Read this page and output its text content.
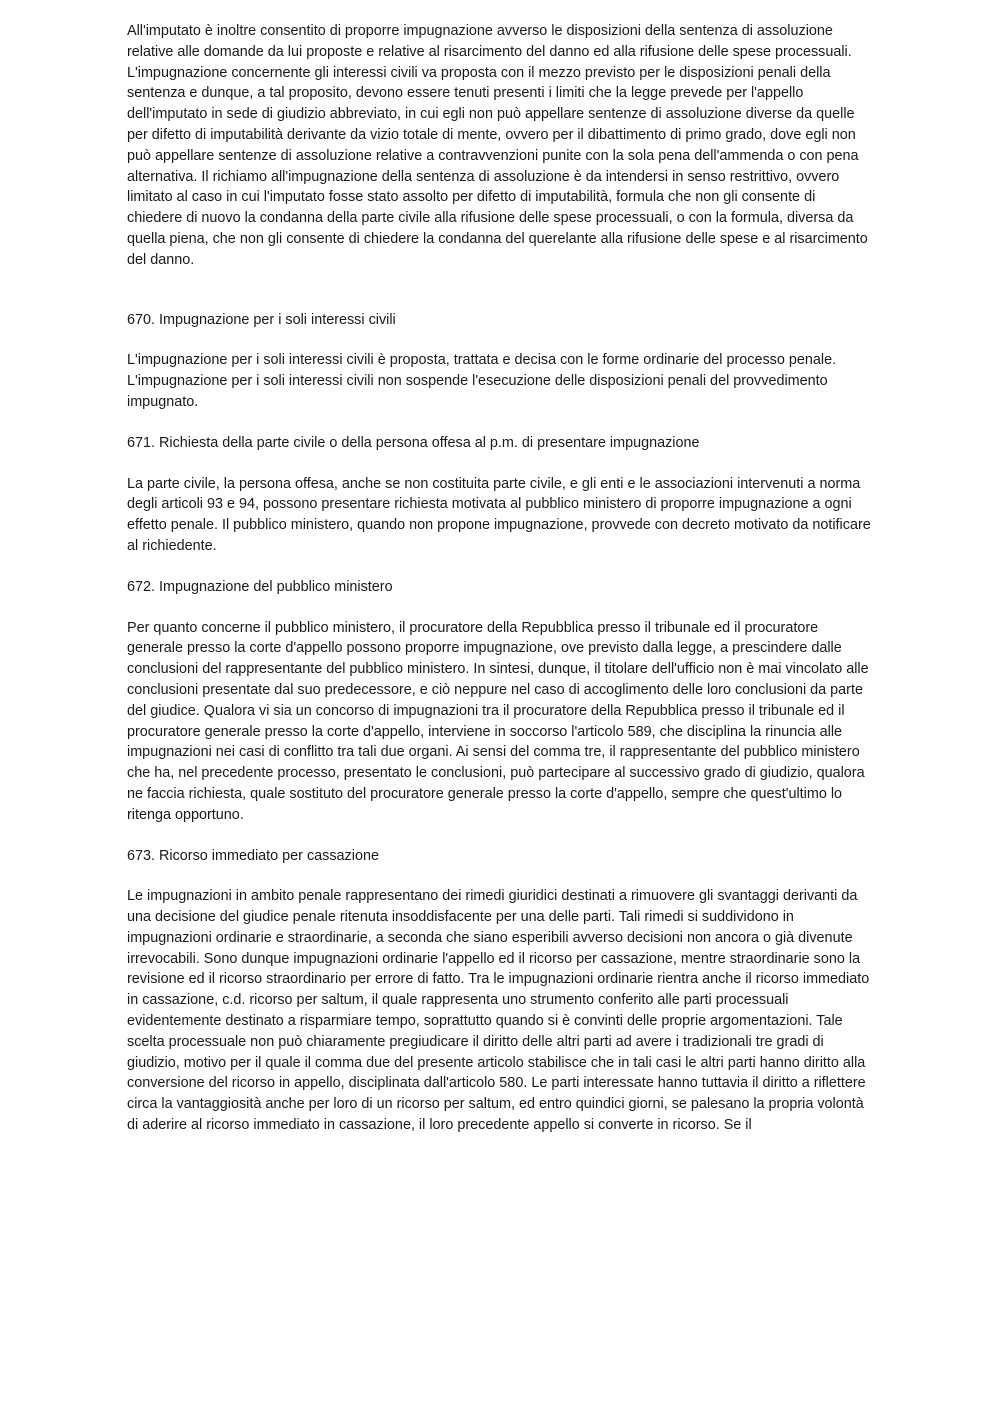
All'imputato è inoltre consentito di proporre impugnazione avverso le disposizioni della sentenza di assoluzione relative alle domande da lui proposte e relative al risarcimento del danno ed alla rifusione delle spese processuali. L'impugnazione concernente gli interessi civili va proposta con il mezzo previsto per le disposizioni penali della sentenza e dunque, a tal proposito, devono essere tenuti presenti i limiti che la legge prevede per l'appello dell'imputato in sede di giudizio abbreviato, in cui egli non può appellare sentenze di assoluzione diverse da quelle per difetto di imputabilità derivante da vizio totale di mente, ovvero per il dibattimento di primo grado, dove egli non può appellare sentenze di assoluzione relative a contravvenzioni punite con la sola pena dell'ammenda o con pena alternativa. Il richiamo all'impugnazione della sentenza di assoluzione è da intendersi in senso restrittivo, ovvero limitato al caso in cui l'imputato fosse stato assolto per difetto di imputabilità, formula che non gli consente di chiedere di nuovo la condanna della parte civile alla rifusione delle spese processuali, o con la formula, diversa da quella piena, che non gli consente di chiedere la condanna del querelante alla rifusione delle spese e al risarcimento del danno.

670. Impugnazione per i soli interessi civili

L'impugnazione per i soli interessi civili è proposta, trattata e decisa con le forme ordinarie del processo penale. L'impugnazione per i soli interessi civili non sospende l'esecuzione delle disposizioni penali del provvedimento impugnato.

671. Richiesta della parte civile o della persona offesa al p.m. di presentare impugnazione

La parte civile, la persona offesa, anche se non costituita parte civile, e gli enti e le associazioni intervenuti a norma degli articoli 93 e 94, possono presentare richiesta motivata al pubblico ministero di proporre impugnazione a ogni effetto penale. Il pubblico ministero, quando non propone impugnazione, provvede con decreto motivato da notificare al richiedente.

672. Impugnazione del pubblico ministero

Per quanto concerne il pubblico ministero, il procuratore della Repubblica presso il tribunale ed il procuratore generale presso la corte d'appello possono proporre impugnazione, ove previsto dalla legge, a prescindere dalle conclusioni del rappresentante del pubblico ministero. In sintesi, dunque, il titolare dell'ufficio non è mai vincolato alle conclusioni presentate dal suo predecessore, e ciò neppure nel caso di accoglimento delle loro conclusioni da parte del giudice. Qualora vi sia un concorso di impugnazioni tra il procuratore della Repubblica presso il tribunale ed il procuratore generale presso la corte d'appello, interviene in soccorso l'articolo 589, che disciplina la rinuncia alle impugnazioni nei casi di conflitto tra tali due organi. Ai sensi del comma tre, il rappresentante del pubblico ministero che ha, nel precedente processo, presentato le conclusioni, può partecipare al successivo grado di giudizio, qualora ne faccia richiesta, quale sostituto del procuratore generale presso la corte d'appello, sempre che quest'ultimo lo ritenga opportuno.

673. Ricorso immediato per cassazione

Le impugnazioni in ambito penale rappresentano dei rimedi giuridici destinati a rimuovere gli svantaggi derivanti da una decisione del giudice penale ritenuta insoddisfacente per una delle parti. Tali rimedi si suddividono in impugnazioni ordinarie e straordinarie, a seconda che siano esperibili avverso decisioni non ancora o già divenute irrevocabili. Sono dunque impugnazioni ordinarie l'appello ed il ricorso per cassazione, mentre straordinarie sono la revisione ed il ricorso straordinario per errore di fatto. Tra le impugnazioni ordinarie rientra anche il ricorso immediato in cassazione, c.d. ricorso per saltum, il quale rappresenta uno strumento conferito alle parti processuali evidentemente destinato a risparmiare tempo, soprattutto quando si è convinti delle proprie argomentazioni. Tale scelta processuale non può chiaramente pregiudicare il diritto delle altri parti ad avere i tradizionali tre gradi di giudizio, motivo per il quale il comma due del presente articolo stabilisce che in tali casi le altri parti hanno diritto alla conversione del ricorso in appello, disciplinata dall'articolo 580. Le parti interessate hanno tuttavia il diritto a riflettere circa la vantaggiosità anche per loro di un ricorso per saltum, ed entro quindici giorni, se palesano la propria volontà di aderire al ricorso immediato in cassazione, il loro precedente appello si converte in ricorso. Se il
